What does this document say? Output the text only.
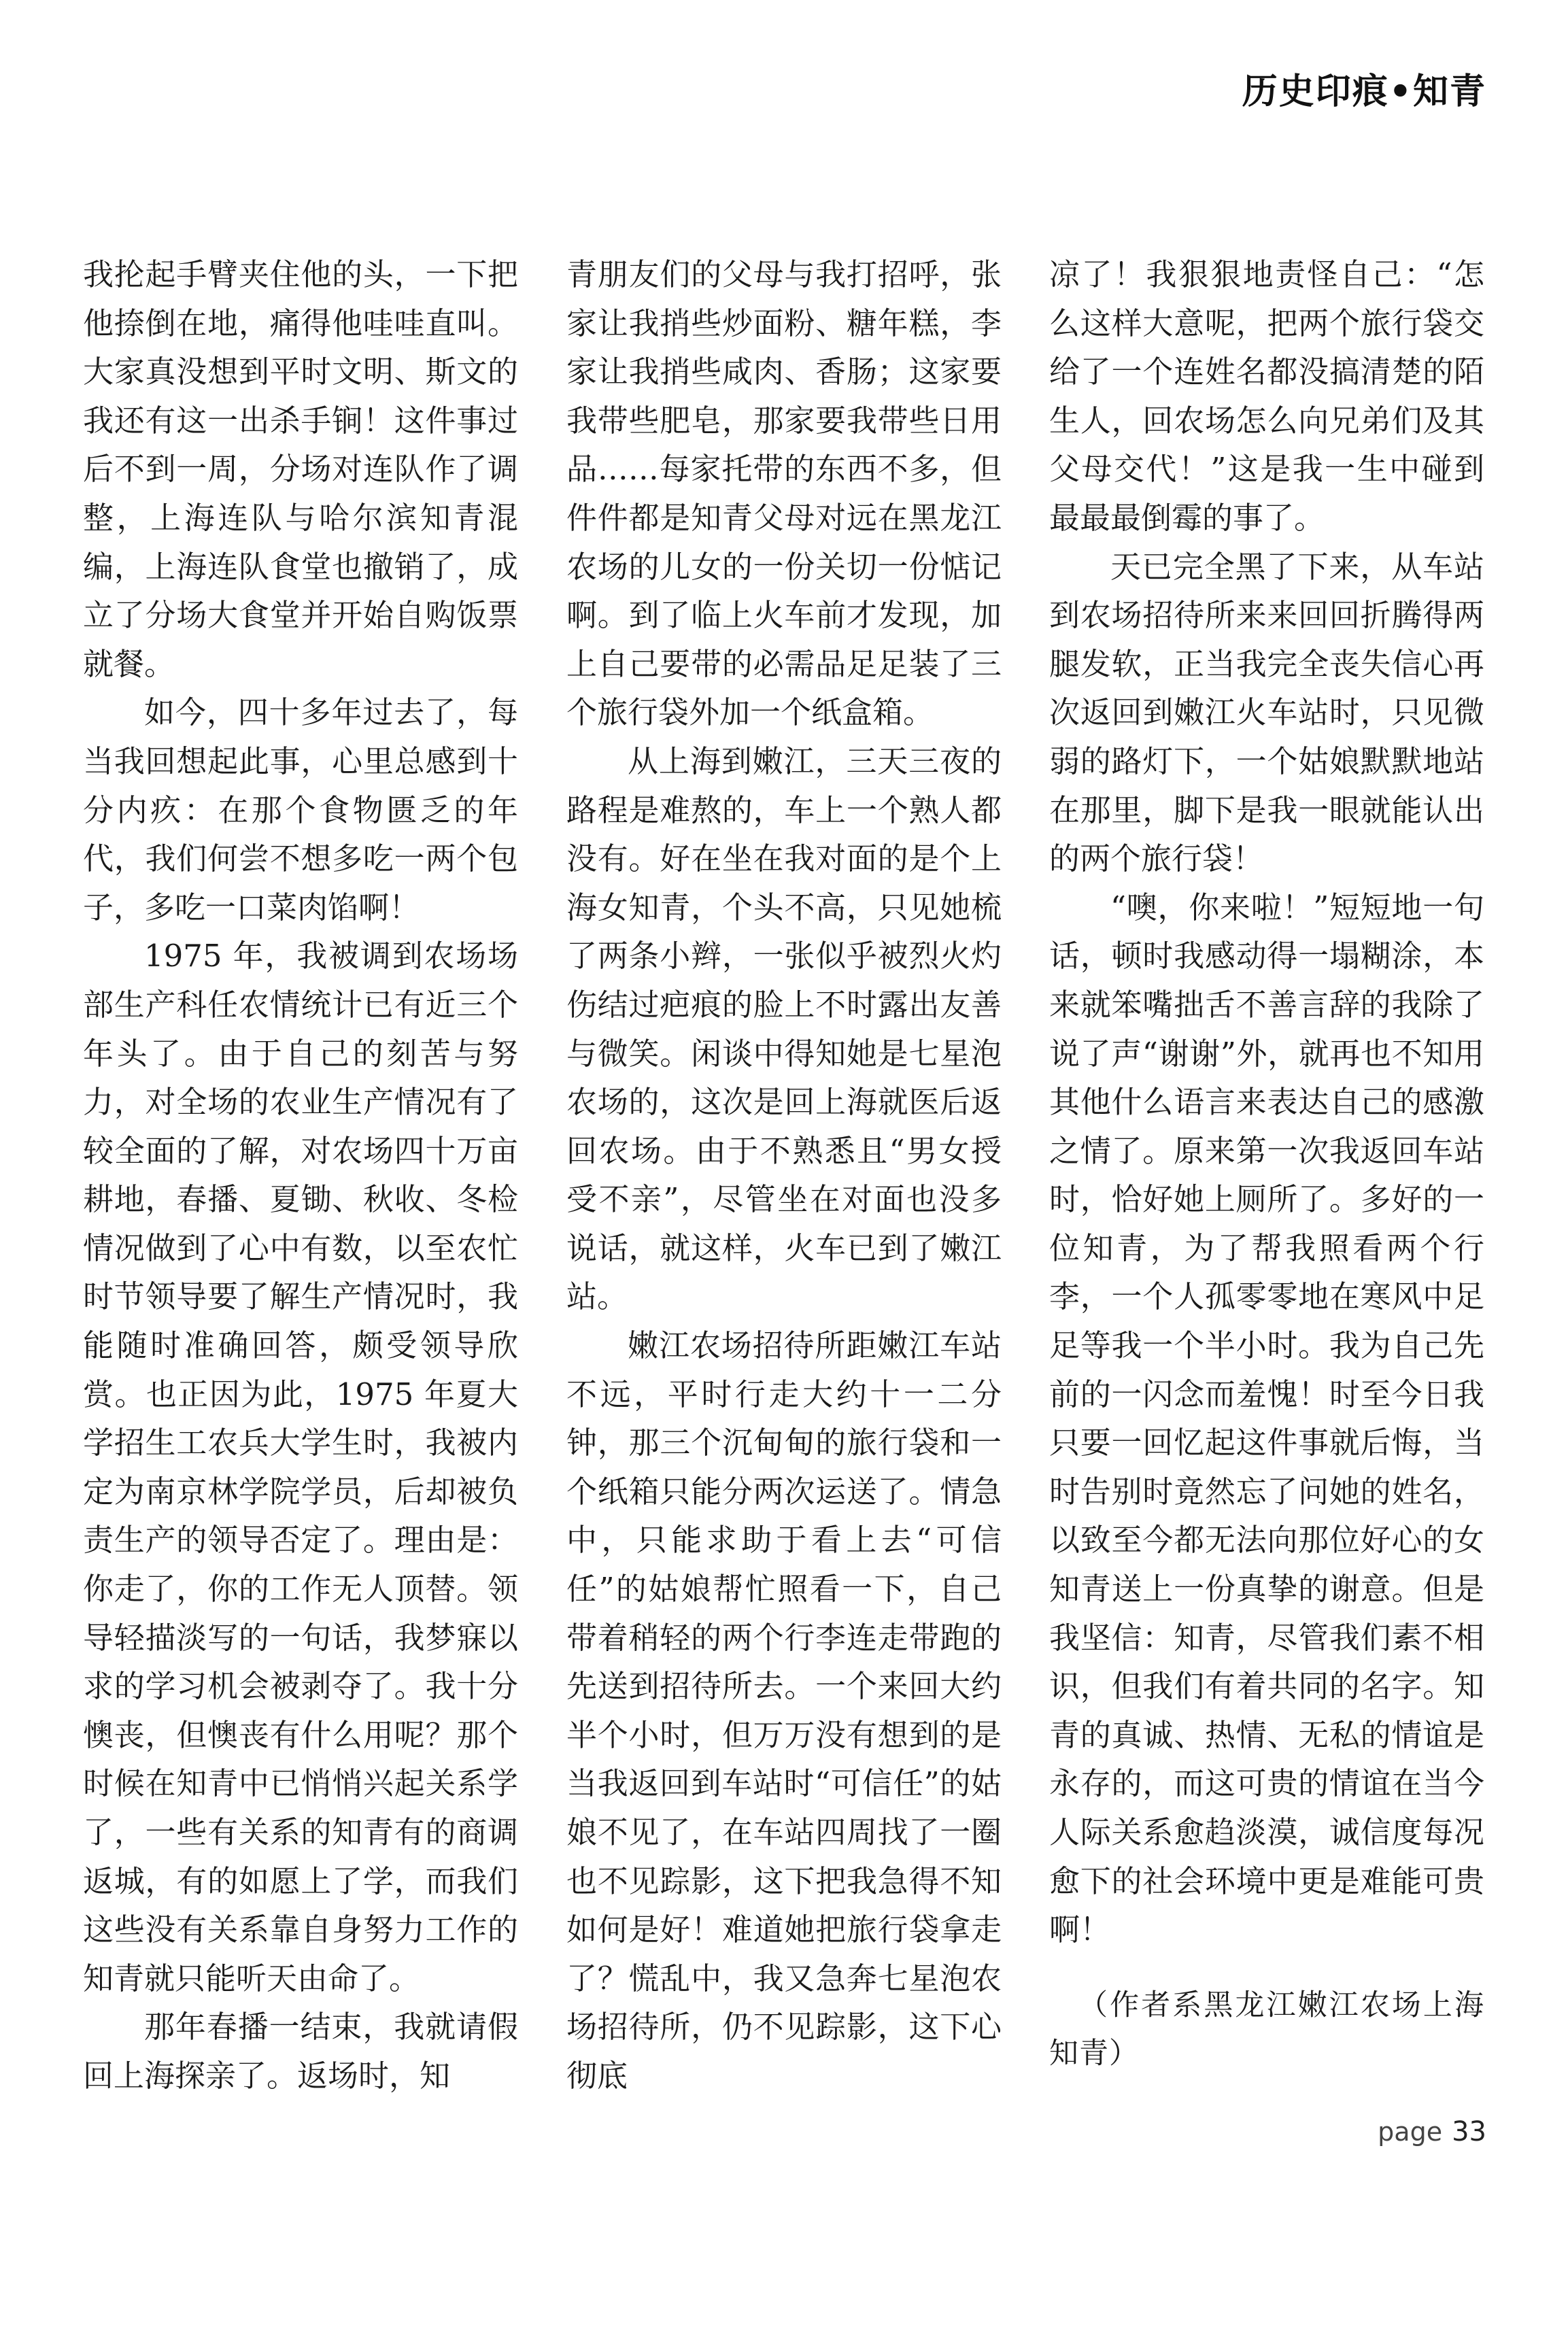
历史印痕•知青

我抡起手臂夹住他的头，一下把他捺倒在地，痛得他哇哇直叫。大家真没想到平时文明、斯文的我还有这一出杀手锏！这件事过后不到一周，分场对连队作了调整，上海连队与哈尔滨知青混编，上海连队食堂也撤销了，成立了分场大食堂并开始自购饭票就餐。

如今，四十多年过去了，每当我回想起此事，心里总感到十分内疚：在那个食物匮乏的年代，我们何尝不想多吃一两个包子，多吃一口菜肉馅啊！

1975 年，我被调到农场场部生产科任农情统计已有近三个年头了。由于自己的刻苦与努力，对全场的农业生产情况有了较全面的了解，对农场四十万亩耕地，春播、夏锄、秋收、冬检情况做到了心中有数，以至农忙时节领导要了解生产情况时，我能随时准确回答，颇受领导欣赏。也正因为此，1975 年夏大学招生工农兵大学生时，我被内定为南京林学院学员，后却被负责生产的领导否定了。理由是：你走了，你的工作无人顶替。领导轻描淡写的一句话，我梦寐以求的学习机会被剥夺了。我十分懊丧，但懊丧有什么用呢？那个时候在知青中已悄悄兴起关系学了，一些有关系的知青有的商调返城，有的如愿上了学，而我们这些没有关系靠自身努力工作的知青就只能听天由命了。

那年春播一结束，我就请假回上海探亲了。返场时，知

青朋友们的父母与我打招呼，张家让我捎些炒面粉、糖年糕，李家让我捎些咸肉、香肠；这家要我带些肥皂，那家要我带些日用品……每家托带的东西不多，但件件都是知青父母对远在黑龙江农场的儿女的一份关切一份惦记啊。到了临上火车前才发现，加上自己要带的必需品足足装了三个旅行袋外加一个纸盒箱。

从上海到嫩江，三天三夜的路程是难熬的，车上一个熟人都没有。好在坐在我对面的是个上海女知青，个头不高，只见她梳了两条小辫，一张似乎被烈火灼伤结过疤痕的脸上不时露出友善与微笑。闲谈中得知她是七星泡农场的，这次是回上海就医后返回农场。由于不熟悉且“男女授受不亲”，尽管坐在对面也没多说话，就这样，火车已到了嫩江站。

嫩江农场招待所距嫩江车站不远，平时行走大约十一二分钟，那三个沉甸甸的旅行袋和一个纸箱只能分两次运送了。情急中，只能求助于看上去“可信任”的姑娘帮忙照看一下，自己带着稍轻的两个行李连走带跑的先送到招待所去。一个来回大约半个小时，但万万没有想到的是当我返回到车站时“可信任”的姑娘不见了，在车站四周找了一圈也不见踪影，这下把我急得不知如何是好！难道她把旅行袋拿走了？慌乱中，我又急奔七星泡农场招待所，仍不见踪影，这下心彻底

凉了！我狠狠地责怪自己：“怎么这样大意呢，把两个旅行袋交给了一个连姓名都没搞清楚的陌生人，回农场怎么向兄弟们及其父母交代！”这是我一生中碰到最最最倒霉的事了。

天已完全黑了下来，从车站到农场招待所来来回回折腾得两腿发软，正当我完全丧失信心再次返回到嫩江火车站时，只见微弱的路灯下，一个姑娘默默地站在那里，脚下是我一眼就能认出的两个旅行袋！

“噢，你来啦！”短短地一句话，顿时我感动得一塌糊涂，本来就笨嘴拙舌不善言辞的我除了说了声“谢谢”外，就再也不知用其他什么语言来表达自己的感激之情了。原来第一次我返回车站时，恰好她上厕所了。多好的一位知青，为了帮我照看两个行李，一个人孤零零地在寒风中足足等我一个半小时。我为自己先前的一闪念而羞愧！时至今日我只要一回忆起这件事就后悔，当时告别时竟然忘了问她的姓名，以致至今都无法向那位好心的女知青送上一份真挚的谢意。但是我坚信：知青，尽管我们素不相识，但我们有着共同的名字。知青的真诚、热情、无私的情谊是永存的，而这可贵的情谊在当今人际关系愈趋淡漠，诚信度每况愈下的社会环境中更是难能可贵啊！

（作者系黑龙江嫩江农场上海知青）

page 33
